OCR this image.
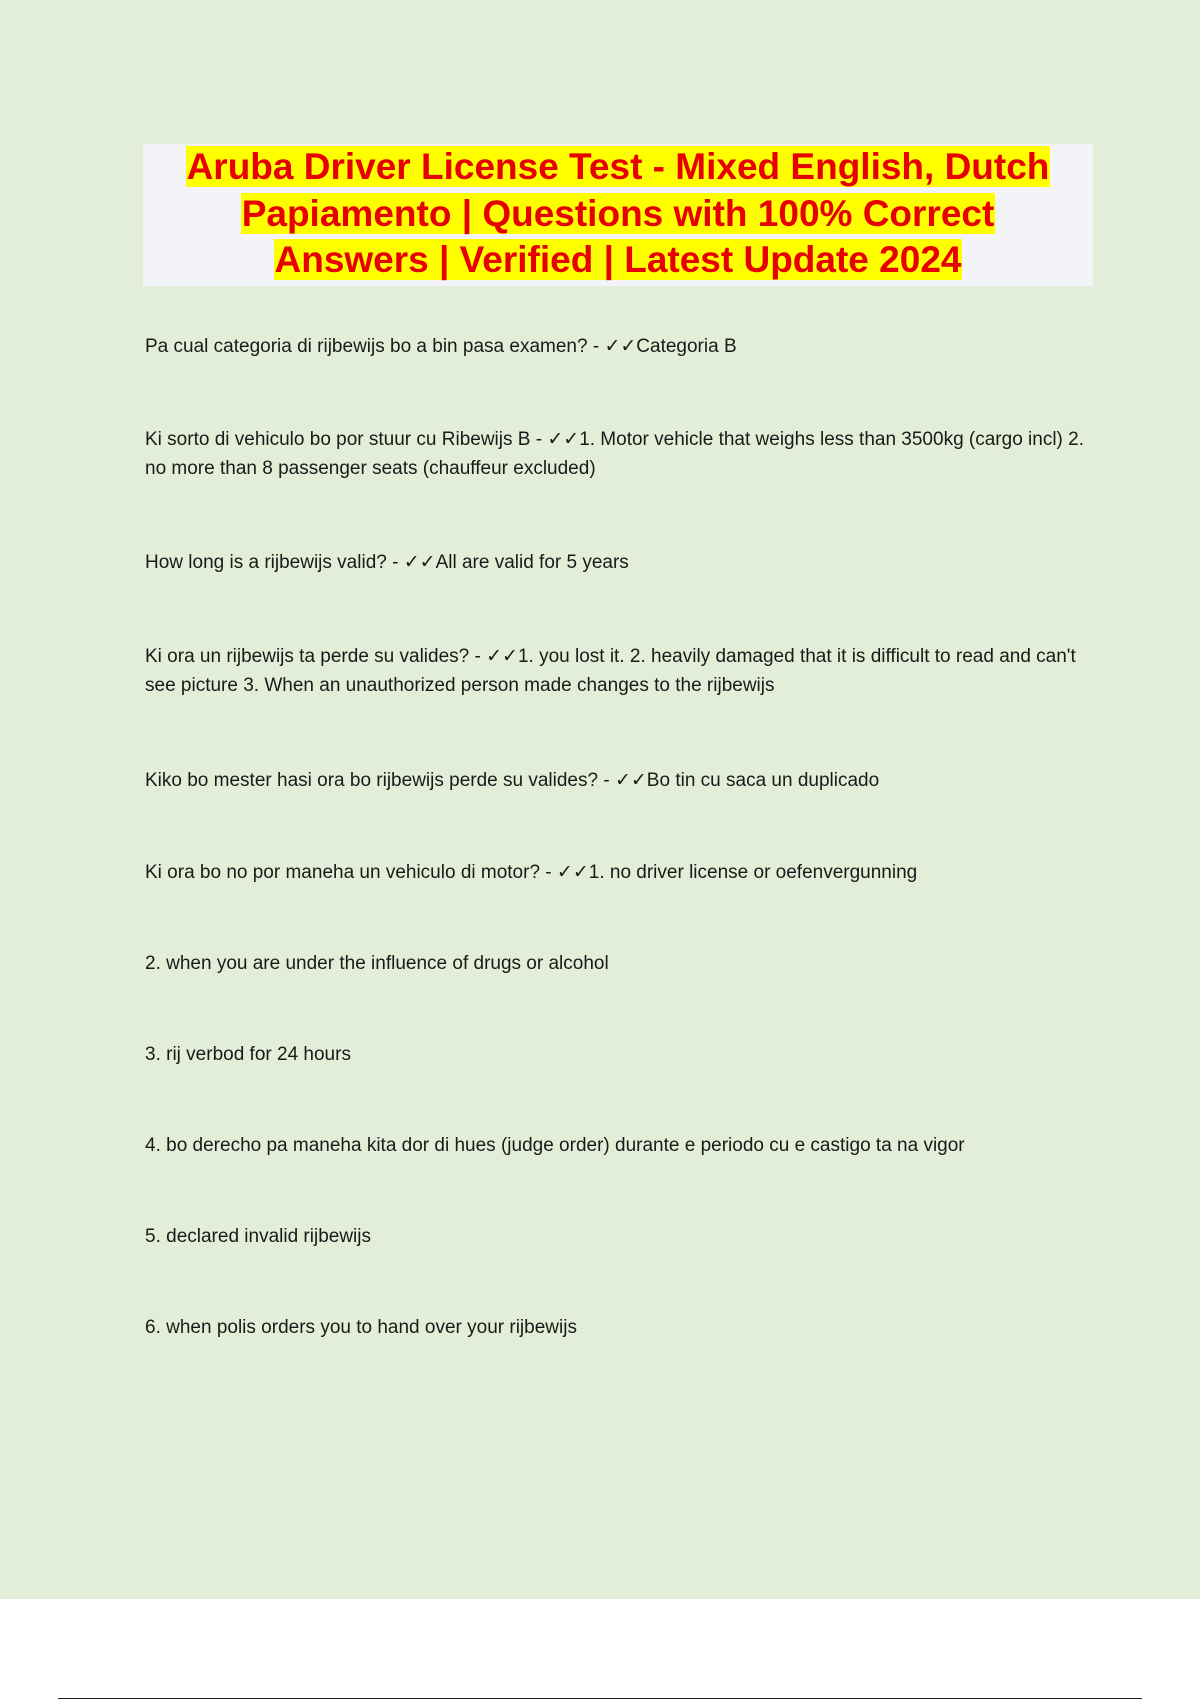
Aruba Driver License Test - Mixed English, Dutch
Papiamento | Questions with 100% Correct
Answers | Verified | Latest Update 2024

Pa cual categoria di rijbewijs bo a bin pasa examen? - ✓✓Categoria B

Ki sorto di vehiculo bo por stuur cu Ribewijs B - ✓✓1. Motor vehicle that weighs less than 3500kg (cargo incl) 2. no more than 8 passenger seats (chauffeur excluded)

How long is a rijbewijs valid? - ✓✓All are valid for 5 years

Ki ora un rijbewijs ta perde su valides? - ✓✓1. you lost it. 2. heavily damaged that it is difficult to read and can't see picture 3. When an unauthorized person made changes to the rijbewijs

Kiko bo mester hasi ora bo rijbewijs perde su valides? - ✓✓Bo tin cu saca un duplicado

Ki ora bo no por maneha un vehiculo di motor? - ✓✓1. no driver license or oefenvergunning

2. when you are under the influence of drugs or alcohol

3. rij verbod for 24 hours

4. bo derecho pa maneha kita dor di hues (judge order) durante e periodo cu e castigo ta na vigor

5. declared invalid rijbewijs

6. when polis orders you to hand over your rijbewijs
